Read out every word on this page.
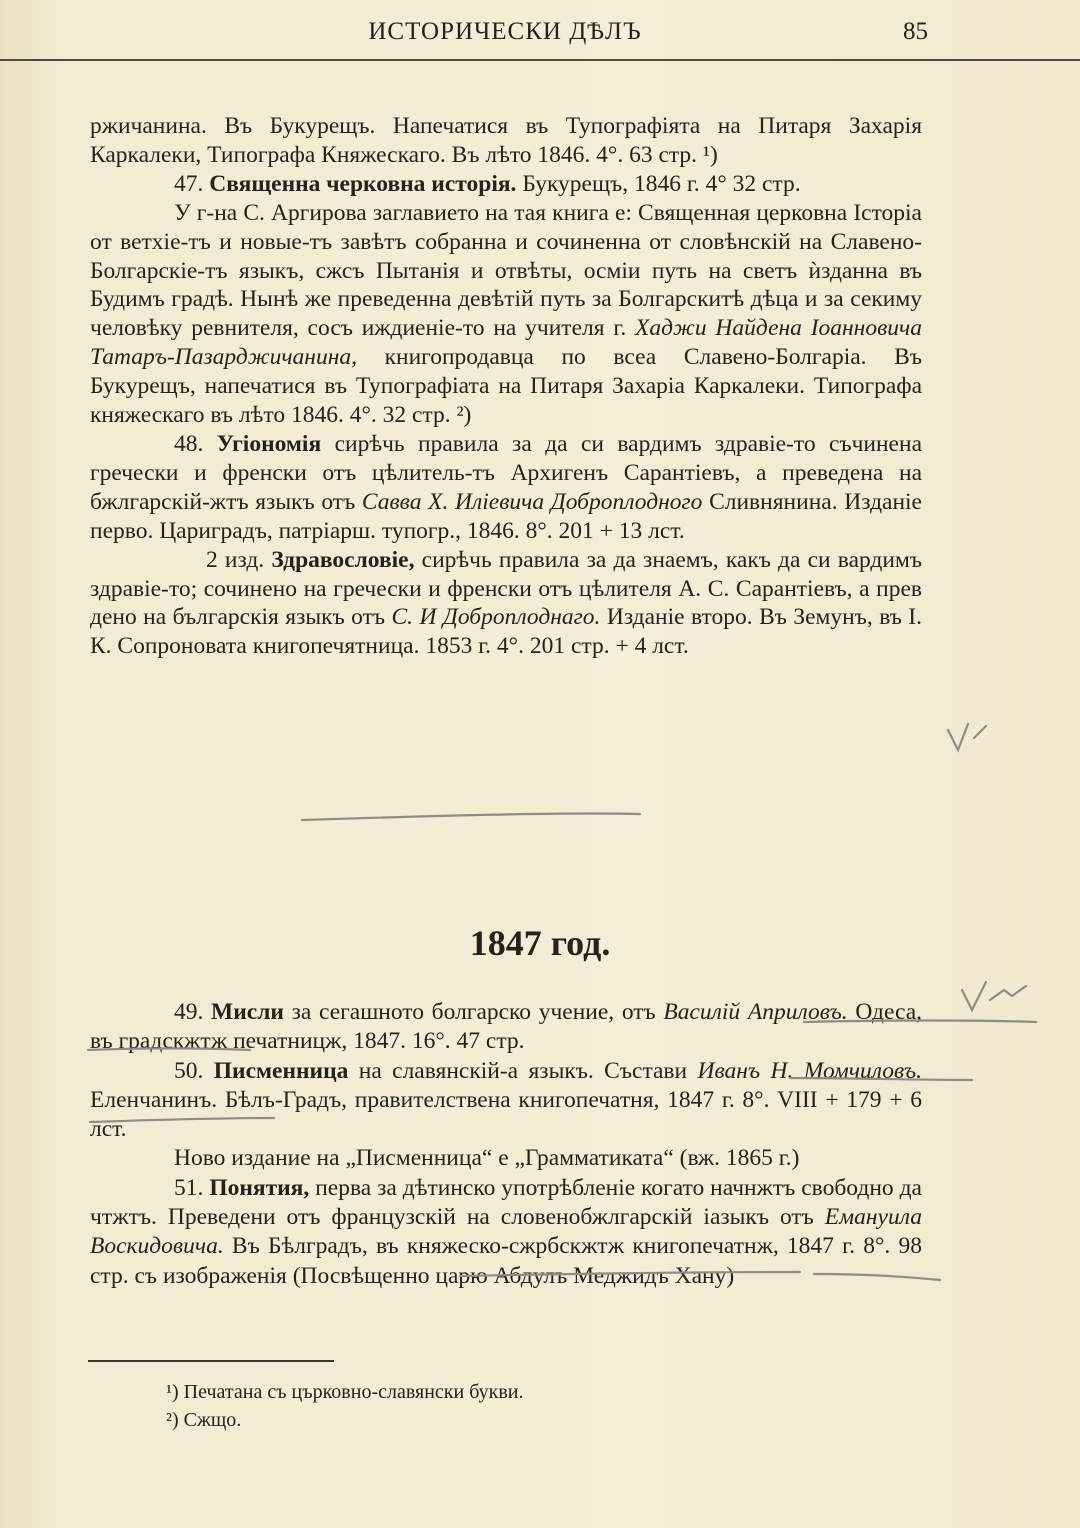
ИСТОРИЧЕСКИ ДѢЛЪ	85

ржичанина. Въ Букурещъ. Напечатися въ Тупографіята на Питаря Захарія Каркалеки, Типографа Княжескаго. Въ лѣто 1846. 4°. 63 стр. ¹)

47. Священна черковна исторія. Букурещъ, 1846 г. 4° 32 стр.

У г-на С. Аргирова заглавието на тая книга е: Священная церковна Історіа от ветхіе-тъ и новые-тъ завѣтъ собранна и сочиненна от словѣнскій на Славено-Болгарскіе-тъ языкъ, сжсъ Пытанія и отвѣты, осміи путь на светъ ѝзданна въ Будимъ градѣ. Нынѣ же преведенна девѣтій путь за Болгарскитѣ дѣца и за секиму человѣку ревнителя, сосъ иждиеніе-то на учителя г. Хаджи Найдена Іоанновича Татаръ-Пазарджичанина, книгопродавца по всеа Славено-Болгаріа. Въ Букурещъ, напечатися въ Тупографіата на Питаря Захаріа Каркалеки. Типографа княжескаго въ лѣто 1846. 4°. 32 стр. ²)

48. Угіономія сирѣчь правила за да си вардимъ здравіе-то съчинена гречески и френски отъ цѣлитель-тъ Архигенъ Сарантіевъ, а преведена на бжлгарскій-жтъ языкъ отъ Савва Х. Иліевича Доброплодного Сливнянина. Изданіе перво. Цариградъ, патріарш. тупогр., 1846. 8°. 201 + 13 лст.

2 изд. Здравословіе, сирѣчь правила за да знаемъ, какъ да си вардимъ здравіе-то; сочинено на гречески и френски отъ цѣлителя А. С. Сарантіевъ, а прев дено на българскія языкъ отъ С. И Доброплоднаго. Изданіе второ. Въ Земунъ, въ І. К. Сопроновата книгопечятница. 1853 г. 4°. 201 стр. + 4 лст.

1847 год.

49. Мисли за сегашното болгарско учение, отъ Василій Априловъ. Одеса, въ градскжтж печатницж, 1847. 16°. 47 стр.

50. Писменница на славянскій-а языкъ. Състави Иванъ Н. Момчиловъ. Еленчанинъ. Бѣлъ-Градъ, правителствена книгопечатня, 1847 г. 8°. VIII + 179 + 6 лст.

Ново издание на „Писменница“ е „Грамматиката“ (вж. 1865 г.)

51. Понятия, перва за дѣтинско употрѣбленіе когато начнжтъ свободно да чтжтъ. Преведени отъ французскій на словенобжлгарскій іазыкъ отъ Емануила Воскидовича. Въ Бѣлградъ, въ княжеско-сжрбскжтж книгопечатнж, 1847 г. 8°. 98 стр. съ изображенія (Посвѣщенно царю Абдулъ Меджидъ Хану)

¹) Печатана съ църковно-славянски букви.

²) Сжщо.
